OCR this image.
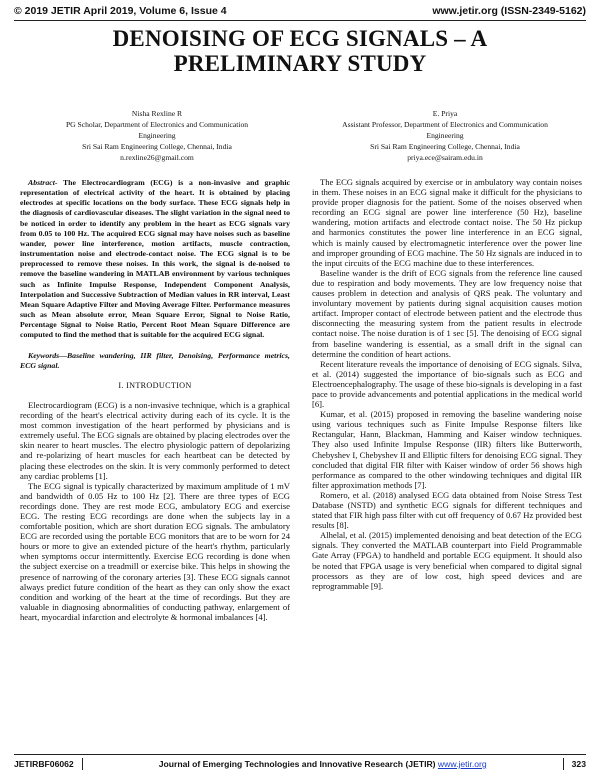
© 2019 JETIR April 2019, Volume 6, Issue 4	www.jetir.org (ISSN-2349-5162)
DENOISING OF ECG SIGNALS – A
PRELIMINARY STUDY
Nisha Rexline R
PG Scholar, Department of Electronics and Communication
Engineering
Sri Sai Ram Engineering College, Chennai, India
n.rexline26@gmail.com
E. Priya
Assistant Professor, Department of Electronics and Communication
Engineering
Sri Sai Ram Engineering College, Chennai, India
priya.ece@sairam.edu.in

Abstract- The Electrocardiogram (ECG) is a non-invasive and graphic representation of electrical activity of the heart. It is obtained by placing electrodes at specific locations on the body surface. These ECG signals help in the diagnosis of cardiovascular diseases. The slight variation in the signal need to be noticed in order to identify any problem in the heart as ECG signals vary from 0.05 to 100 Hz. The acquired ECG signal may have noises such as baseline wander, power line interference, motion artifacts, muscle contraction, instrumentation noise and electrode-contact noise. The ECG signal is to be preprocessed to remove these noises. In this work, the signal is de-noised to remove the baseline wandering in MATLAB environment by various techniques such as Infinite Impulse Response, Independent Component Analysis, Interpolation and Successive Subtraction of Median values in RR interval, Least Mean Square Adaptive Filter and Moving Average Filter. Performance measures such as Mean absolute error, Mean Square Error, Signal to Noise Ratio, Percentage Signal to Noise Ratio, Percent Root Mean Square Difference are computed to find the method that is suitable for the acquired ECG signal.

Keywords—Baseline wandering, IIR filter, Denoising, Performance metrics, ECG signal.

I. INTRODUCTION

Electrocardiogram (ECG) is a non-invasive technique, which is a graphical recording of the heart's electrical activity during each of its cycle. It is the most common investigation of the heart performed by physicians and is extremely useful. The ECG signals are obtained by placing electrodes over the skin nearer to heart muscles. The electro physiologic pattern of depolarizing and re-polarizing of heart muscles for each heartbeat can be detected by placing these electrodes on the skin. It is very commonly performed to detect any cardiac problems [1].

The ECG signal is typically characterized by maximum amplitude of 1 mV and bandwidth of 0.05 Hz to 100 Hz [2]. There are three types of ECG recordings done. They are rest mode ECG, ambulatory ECG and exercise ECG. The resting ECG recordings are done when the subjects lay in a comfortable position, which are short duration ECG signals. The ambulatory ECG are recorded using the portable ECG monitors that are to be worn for 24 hours or more to give an extended picture of the heart's rhythm, particularly when symptoms occur intermittently. Exercise ECG recording is done when the subject exercise on a treadmill or exercise bike. This helps in showing the presence of narrowing of the coronary arteries [3]. These ECG signals cannot always predict future condition of the heart as they can only show the exact condition and working of the heart at the time of recordings. But they are valuable in diagnosing abnormalities of conducting pathway, enlargement of heart, myocardial infarction and electrolyte & hormonal imbalances [4].

The ECG signals acquired by exercise or in ambulatory way contain noises in them. These noises in an ECG signal make it difficult for the physicians to provide proper diagnosis for the patient. Some of the noises observed when recording an ECG signal are power line interference (50 Hz), baseline wandering, motion artifacts and electrode contact noise. The 50 Hz pickup and harmonics constitutes the power line interference in an ECG signal, which is mainly caused by electromagnetic interference over the power line and improper grounding of ECG machine. The 50 Hz signals are induced in to the input circuits of the ECG machine due to these interferences.

Baseline wander is the drift of ECG signals from the reference line caused due to respiration and body movements. They are low frequency noise that causes problem in detection and analysis of QRS peak. The voluntary and involuntary movement by patients during signal acquisition causes motion artifact. Improper contact of electrode between patient and the electrode thus disconnecting the measuring system from the patient results in electrode contact noise. The noise duration is of 1 sec [5]. The denoising of ECG signal from baseline wandering is essential, as a small drift in the signal can determine the condition of heart actions.

Recent literature reveals the importance of denoising of ECG signals. Silva, et al. (2014) suggested the importance of bio-signals such as ECG and Electroencephalography. The usage of these bio-signals is developing in a fast pace to provide advancements and potential applications in the medical world [6].

Kumar, et al. (2015) proposed in removing the baseline wandering noise using various techniques such as Finite Impulse Response filters like Rectangular, Hann, Blackman, Hamming and Kaiser window techniques. They also used Infinite Impulse Response (IIR) filters like Butterworth, Chebyshev I, Chebyshev II and Elliptic filters for denoising ECG signal. They concluded that digital FIR filter with Kaiser window of order 56 shows high performance as compared to the other windowing techniques and digital IIR filter approximation methods [7].

Romero, et al. (2018) analysed ECG data obtained from Noise Stress Test Database (NSTD) and synthetic ECG signals for different techniques and stated that FIR high pass filter with cut off frequency of 0.67 Hz provided best results [8].

Alhelal, et al. (2015) implemented denoising and beat detection of the ECG signals. They converted the MATLAB counterpart into Field Programmable Gate Array (FPGA) to handheld and portable ECG equipment. It should also be noted that FPGA usage is very beneficial when compared to digital signal processors as they are of low cost, high speed devices and are reprogrammable [9].

JETIRBF06062	Journal of Emerging Technologies and Innovative Research (JETIR) www.jetir.org	323
